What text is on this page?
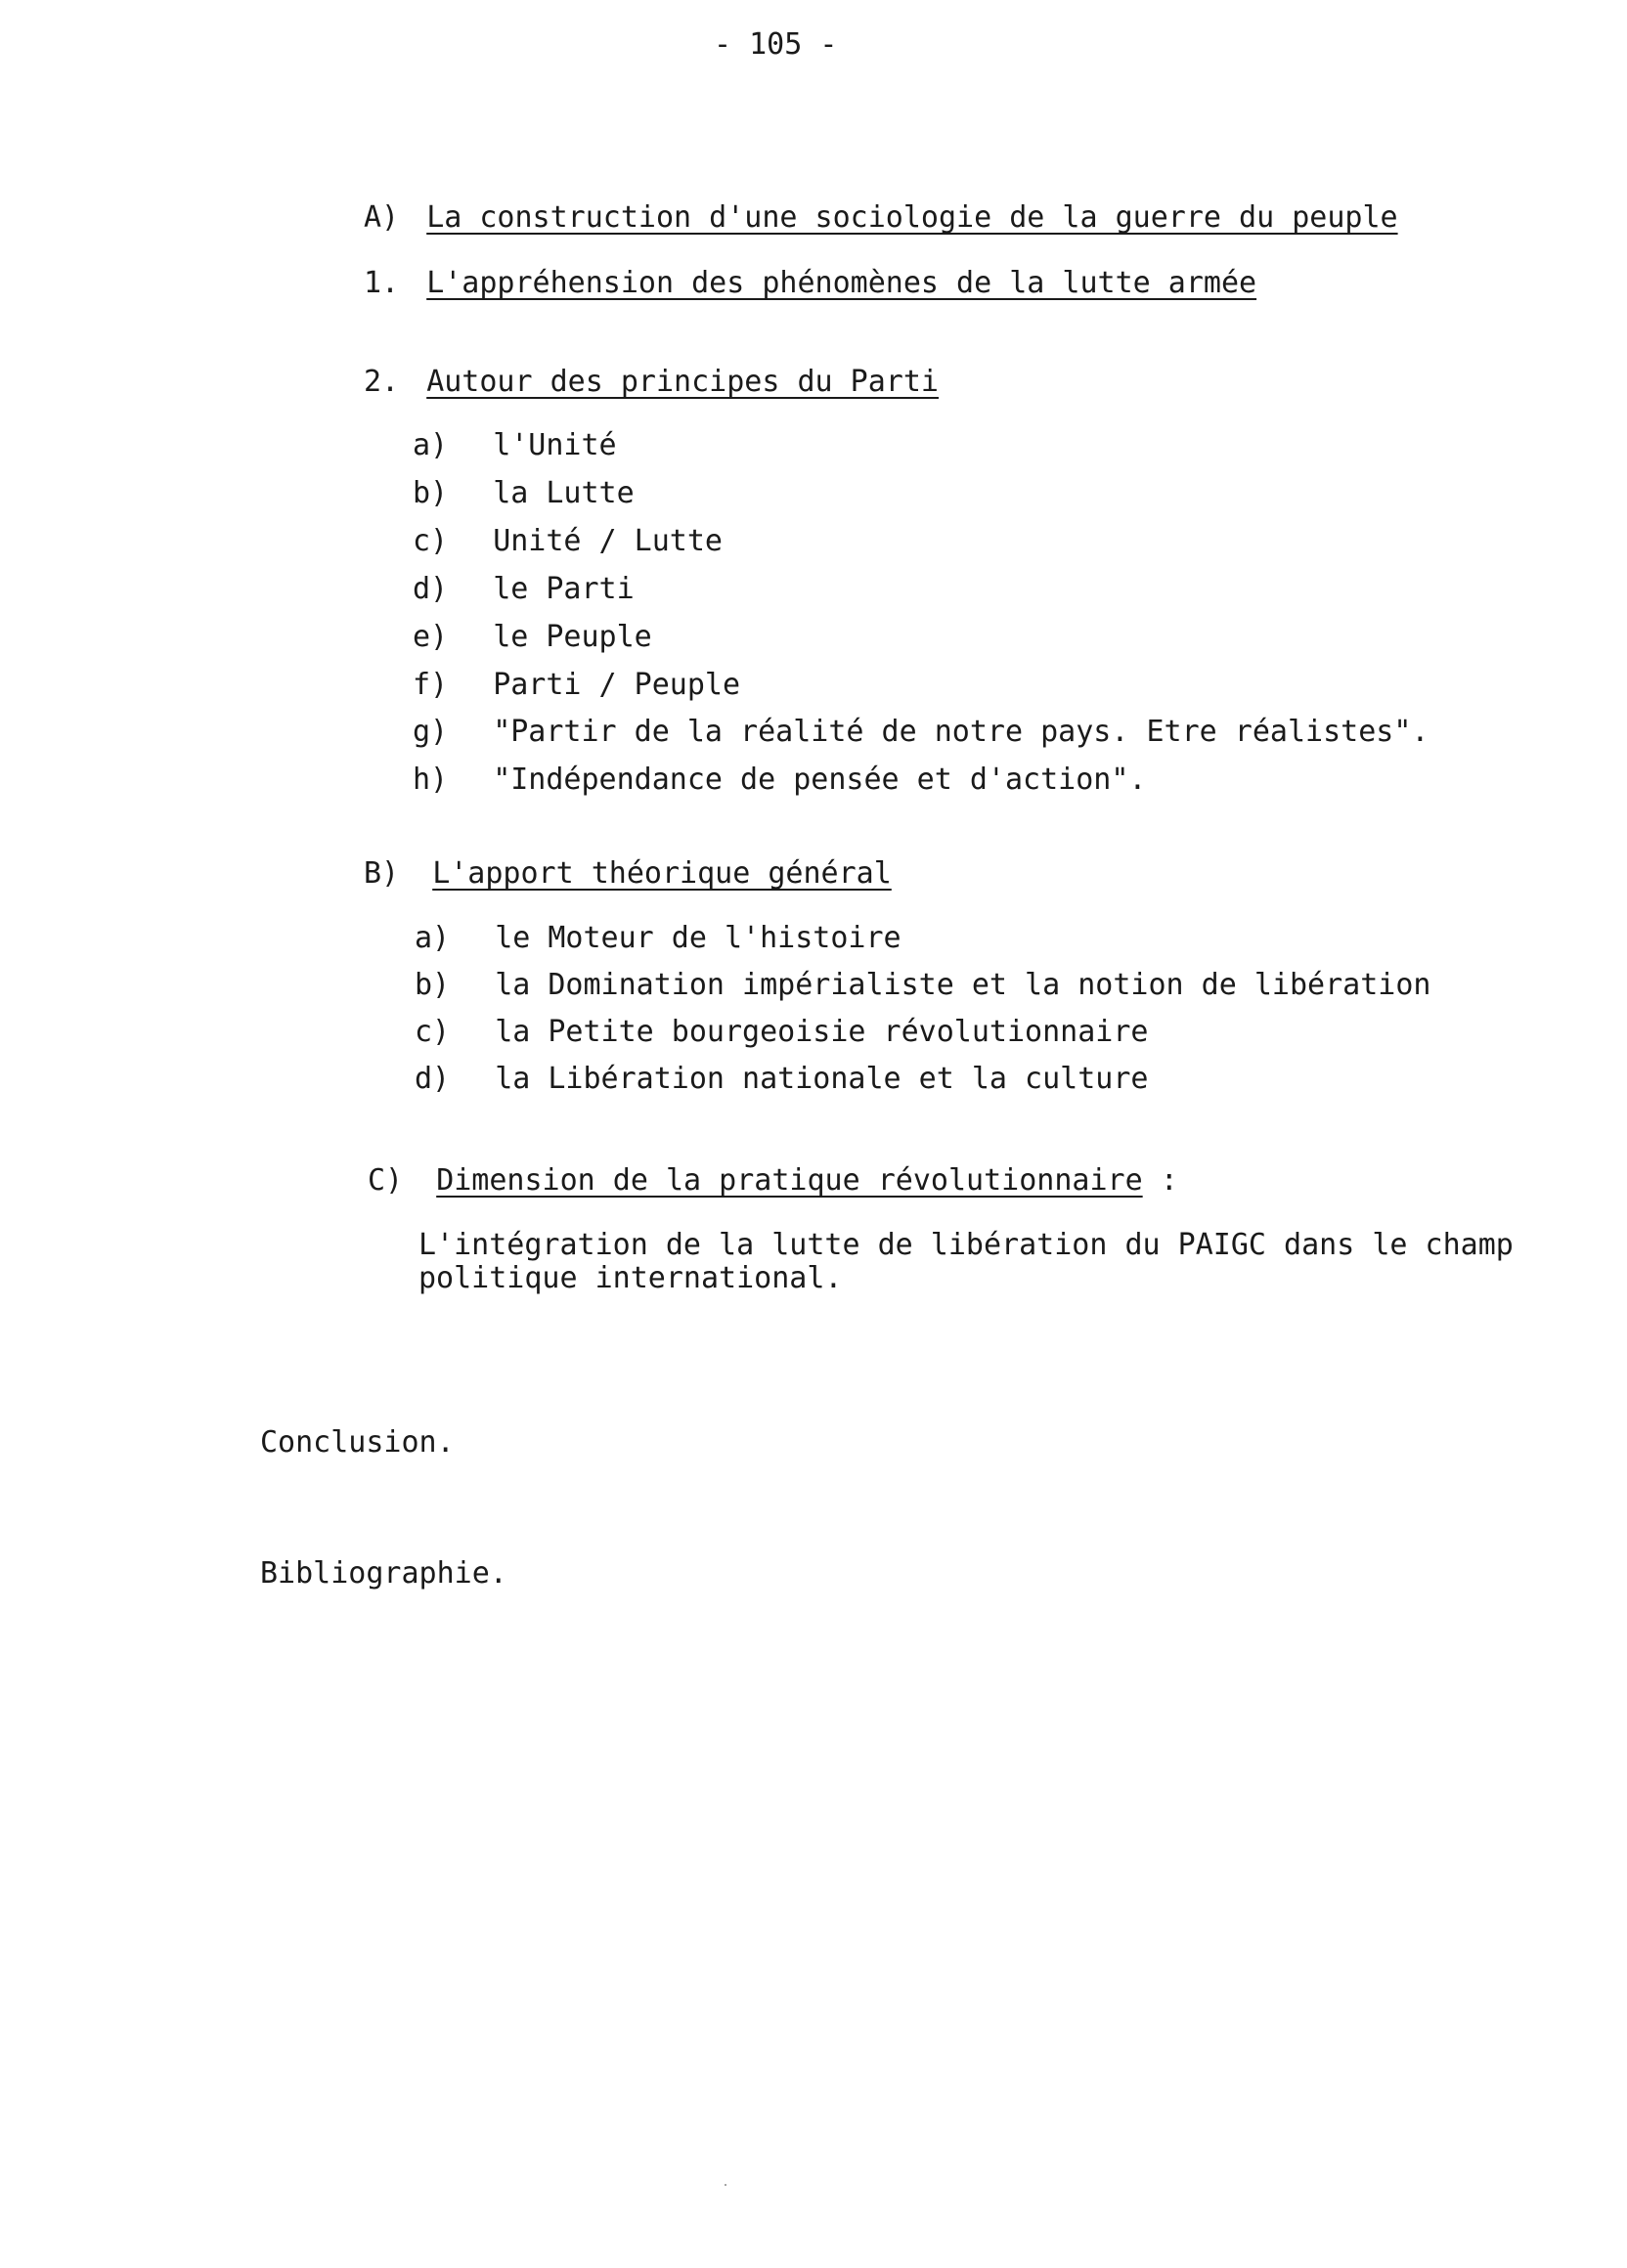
- 105 -
A) La construction d'une sociologie de la guerre du peuple
1. L'appréhension des phénomènes de la lutte armée
2. Autour des principes du Parti
a) l'Unité
b) la Lutte
c) Unité / Lutte
d) le Parti
e) le Peuple
f) Parti / Peuple
g) "Partir de la réalité de notre pays. Etre réalistes".
h) "Indépendance de pensée et d'action".
B) L'apport théorique général
a) le Moteur de l'histoire
b) la Domination impérialiste et la notion de libération
c) la Petite bourgeoisie révolutionnaire
d) la Libération nationale et la culture
C) Dimension de la pratique révolutionnaire :
L'intégration de la lutte de libération du PAIGC dans le champ
politique international.
Conclusion.
Bibliographie.
